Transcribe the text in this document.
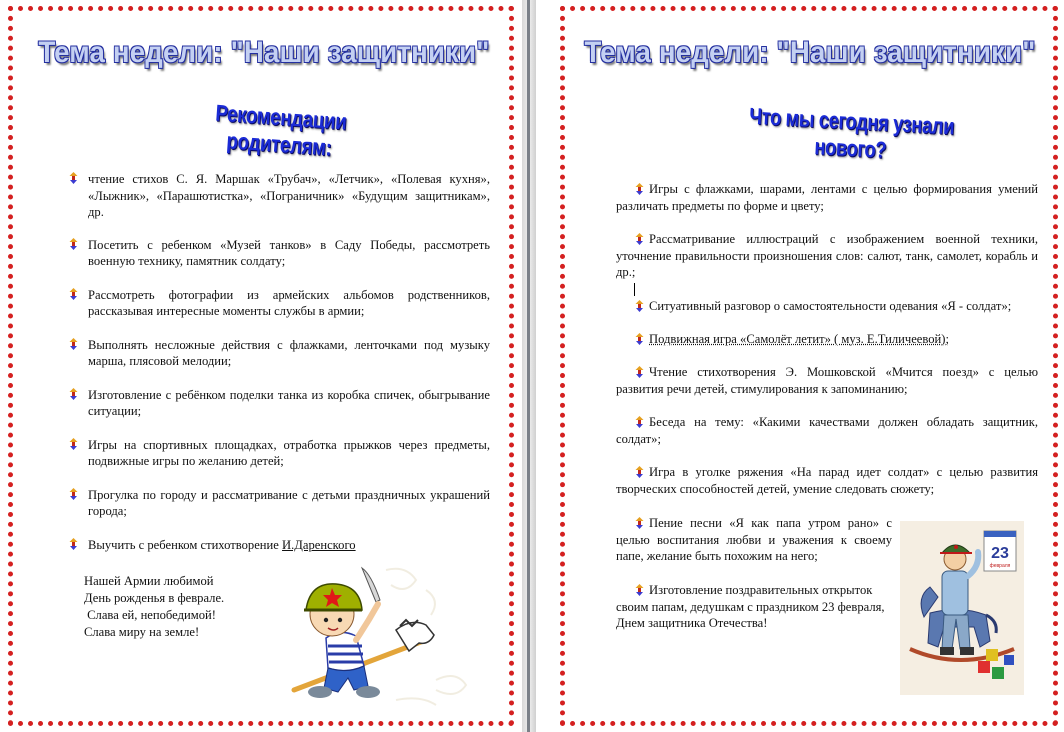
Тема недели: "Наши защитники"
Рекомендации родителям:
чтение стихов С. Я. Маршак «Трубач», «Летчик», «Полевая кухня», «Лыжник», «Парашютистка», «Пограничник» «Будущим защитникам», др.
Посетить с ребенком «Музей танков» в Саду Победы, рассмотреть военную технику, памятник солдату;
Рассмотреть фотографии из армейских альбомов родственников, рассказывая интересные моменты службы в армии;
Выполнять несложные действия с флажками, ленточками под музыку марша, плясовой мелодии;
Изготовление с ребёнком поделки танка из коробка спичек, обыгрывание ситуации;
Игры на спортивных площадках, отработка прыжков через предметы, подвижные игры по желанию детей;
Прогулка по городу и рассматривание с детьми праздничных украшений города;
Выучить с ребенком стихотворение И.Даренского
Нашей Армии любимой
День рожденья в феврале.
Слава ей, непобедимой!
Слава миру на земле!
Тема недели: "Наши защитники"
Что мы сегодня узнали нового?
Игры с флажками, шарами, лентами с целью формирования умений различать предметы по форме и цвету;
Рассматривание иллюстраций с изображением военной техники, уточнение правильности произношения слов: салют, танк, самолет, корабль и др.;
Ситуативный разговор о самостоятельности одевания «Я - солдат»;
Подвижная игра «Самолёт летит» ( муз. Е.Тиличеевой);
Чтение стихотворения Э. Мошковской «Мчится поезд» с целью развития речи детей, стимулирования к запоминанию;
Беседа на тему: «Какими качествами должен обладать защитник, солдат»;
Игра в уголке ряжения «На парад идет солдат» с целью развития творческих способностей детей, умение следовать сюжету;
Пение песни «Я как папа утром рано» с целью воспитания любви и уважения к своему папе, желание быть похожим на него;
Изготовление поздравительных открыток своим папам, дедушкам с праздником 23 февраля, Днем защитника Отечества!
23
февраля
